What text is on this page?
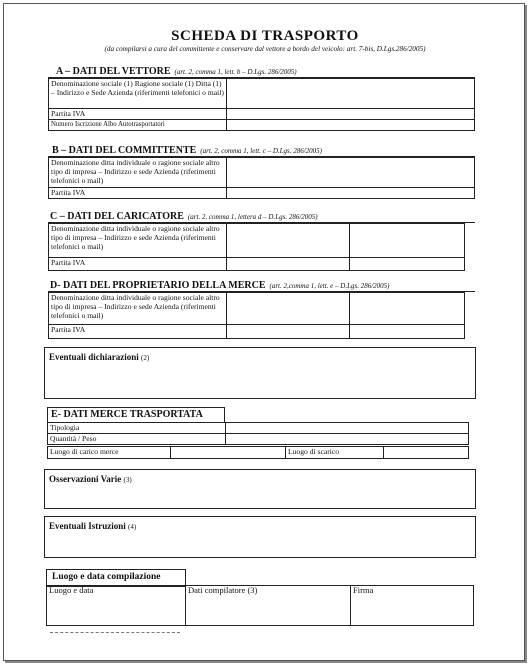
SCHEDA DI TRASPORTO
(da compilarsi a cura del committente e conservare dal vettore a bordo del veicolo: art. 7-bis, D.Lgs.286/2005)
A – DATI DEL VETTORE (art. 2, comma 1, lett. b – D.Lgs. 286/2005)
Denominazione sociale (1) Ragione sociale (1) Ditta (1) – Indirizzo e Sede Azienda (riferimenti telefonici o mail)	
Partita IVA	
Numero Iscrizione Albo Autotrasportatori	
B – DATI DEL COMMITTENTE (art. 2, comma 1, lett. c – D.Lgs. 286/2005)
Denominazione ditta individuale o ragione sociale altro tipo di impresa – Indirizzo e sede Azienda (riferimenti telefonici o mail)	
Partita IVA	
C – DATI DEL CARICATORE (art. 2, comma 1, lettera d – D.Lgs. 286/2005)
Denominazione ditta individuale o ragione sociale altro tipo di impresa – Indirizzo e sede Azienda (riferimenti telefonici o mail)		
Partita IVA		
D- DATI DEL PROPRIETARIO DELLA MERCE (art. 2,comma 1, lett. e – D.Lgs. 286/2005)
Denominazione ditta individuale o ragione sociale altro tipo di impresa – Indirizzo e sede Azienda (riferimenti telefonici o mail)		
Partita IVA		
Eventuali dichiarazioni (2)
E- DATI MERCE TRASPORTATA
Tipologia	
Quantità / Peso	
Luogo di carico merce		Luogo di scarico	
Osservazioni Varie (3)
Eventuali Istruzioni (4)
Luogo e data compilazione
Luogo e data	Dati compilatore (3)	Firma
